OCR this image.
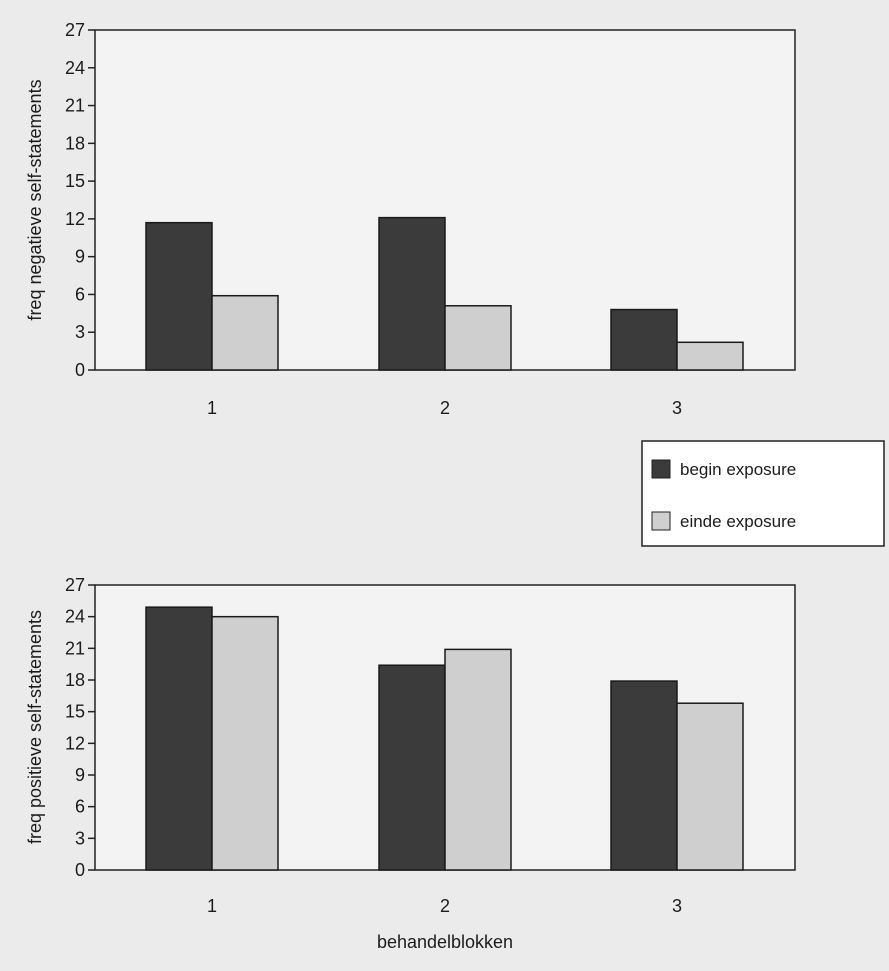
0
3
6
9
12
15
18
21
24
27
1	2	3
freq negatieve self-statements
begin exposure
einde exposure
0
3
6
9
12
15
18
21
24
27
1	2	3
freq positieve self-statements
behandelblokken
